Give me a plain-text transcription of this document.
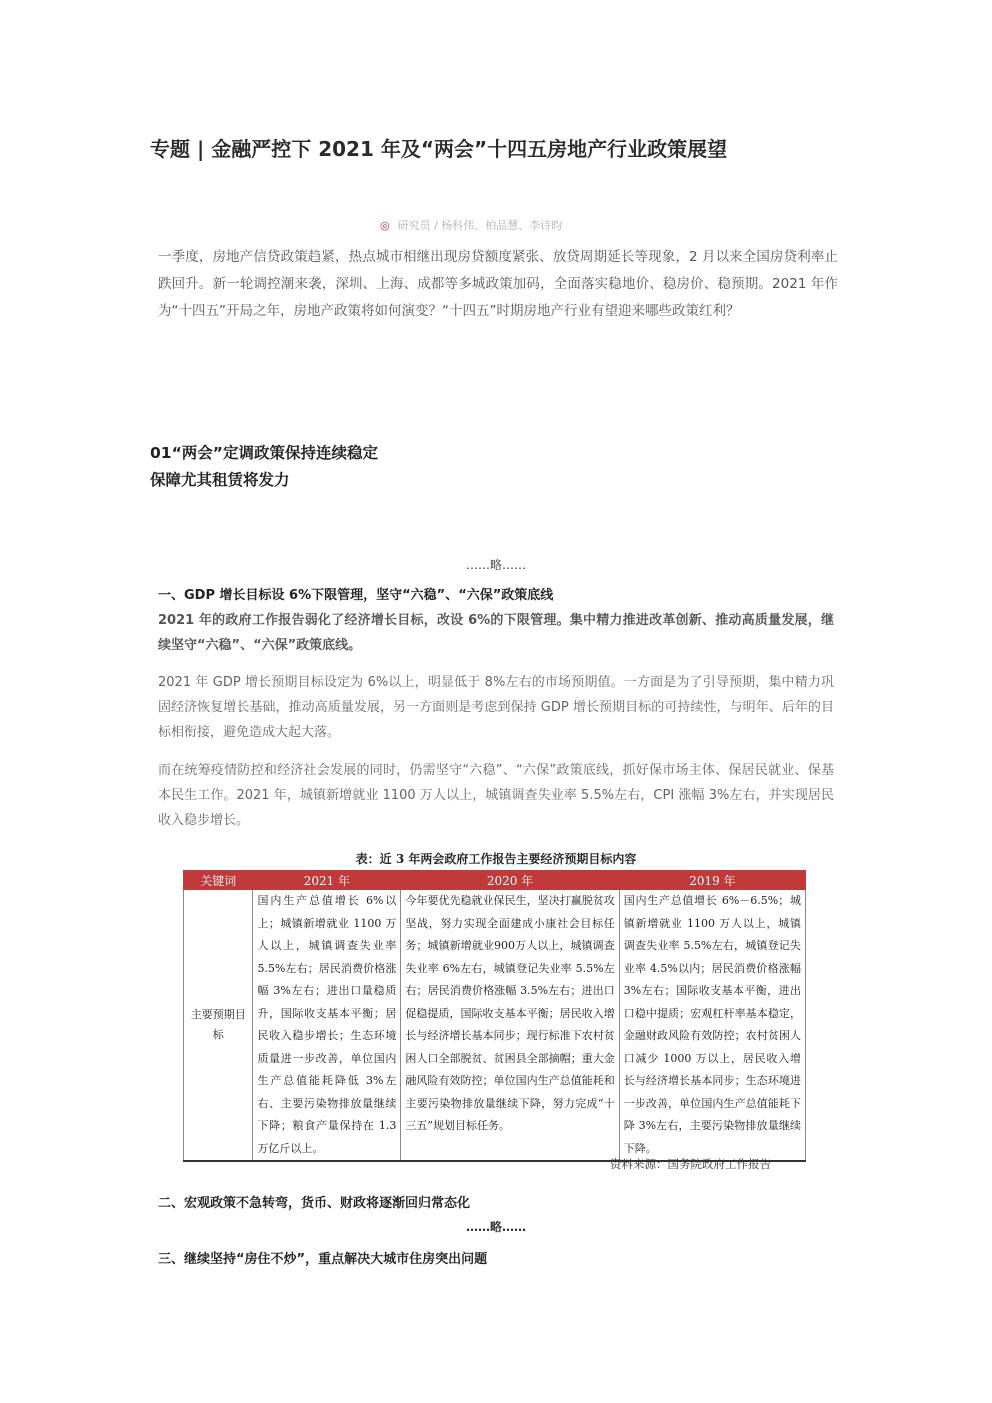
专题 | 金融严控下 2021 年及“两会”十四五房地产行业政策展望
◎ 研究员 / 杨科伟、柏品慧、李诗昀

一季度，房地产信贷政策趋紧，热点城市相继出现房贷额度紧张、放贷周期延长等现象，2 月以来全国房贷利率止跌回升。新一轮调控潮来袭，深圳、上海、成都等多城政策加码，全面落实稳地价、稳房价、稳预期。2021 年作为“十四五”开局之年，房地产政策将如何演变？“十四五”时期房地产行业有望迎来哪些政策红利？

01“两会”定调政策保持连续稳定
保障尤其租赁将发力
……略……
一、GDP 增长目标设 6%下限管理，坚守“六稳”、“六保”政策底线

2021 年的政府工作报告弱化了经济增长目标，改设 6%的下限管理。集中精力推进改革创新、推动高质量发展，继续坚守“六稳”、“六保”政策底线。

2021 年 GDP 增长预期目标设定为 6%以上，明显低于 8%左右的市场预期值。一方面是为了引导预期，集中精力巩固经济恢复增长基础，推动高质量发展，另一方面则是考虑到保持 GDP 增长预期目标的可持续性，与明年、后年的目标相衔接，避免造成大起大落。

而在统筹疫情防控和经济社会发展的同时，仍需坚守“六稳”、“六保”政策底线，抓好保市场主体、保居民就业、保基本民生工作。2021 年，城镇新增就业 1100 万人以上，城镇调查失业率 5.5%左右，CPI 涨幅 3%左右，并实现居民收入稳步增长。

表：近 3 年两会政府工作报告主要经济预期目标内容
关键词	2021 年	2020 年	2019 年
主要预期目标	国内生产总值增长 6%以上；城镇新增就业 1100 万人以上，城镇调查失业率 5.5%左右；居民消费价格涨幅 3%左右；进出口量稳质升，国际收支基本平衡；居民收入稳步增长；生态环境质量进一步改善，单位国内生产总值能耗降低 3%左右、主要污染物排放量继续下降；粮食产量保持在 1.3 万亿斤以上。	今年要优先稳就业保民生，坚决打赢脱贫攻坚战，努力实现全面建成小康社会目标任务；城镇新增就业900万人以上，城镇调查失业率 6%左右，城镇登记失业率 5.5%左右；居民消费价格涨幅 3.5%左右；进出口促稳提质，国际收支基本平衡；居民收入增长与经济增长基本同步；现行标准下农村贫困人口全部脱贫、贫困县全部摘帽；重大金融风险有效防控；单位国内生产总值能耗和主要污染物排放量继续下降，努力完成“十三五”规划目标任务。	国内生产总值增长 6%－6.5%；城镇新增就业 1100 万人以上，城镇调查失业率 5.5%左右，城镇登记失业率 4.5%以内；居民消费价格涨幅 3%左右；国际收支基本平衡，进出口稳中提质；宏观杠杆率基本稳定，金融财政风险有效防控；农村贫困人口减少 1000 万以上，居民收入增长与经济增长基本同步；生态环境进一步改善，单位国内生产总值能耗下降 3%左右，主要污染物排放量继续下降。
资料来源：国务院政府工作报告
二、宏观政策不急转弯，货币、财政将逐渐回归常态化
……略……
三、继续坚持“房住不炒”，重点解决大城市住房突出问题
